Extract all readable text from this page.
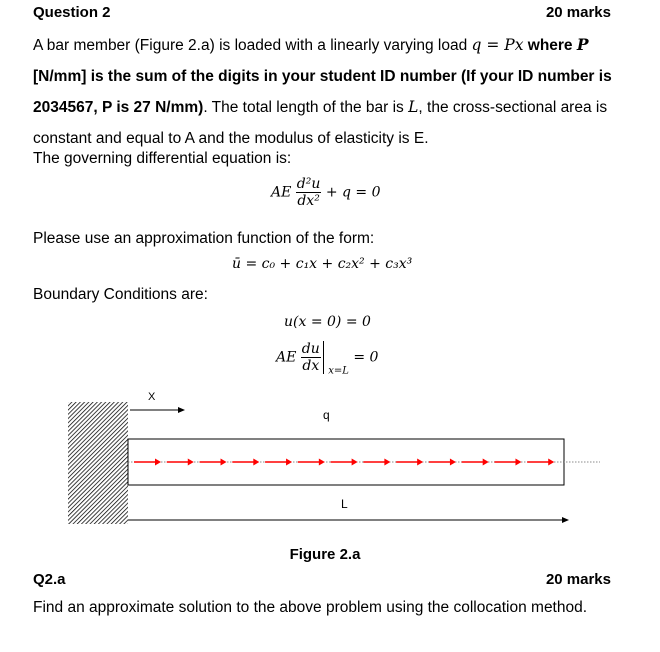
Question 2	20 marks
A bar member (Figure 2.a) is loaded with a linearly varying load q = Px where P
[N/mm] is the sum of the digits in your student ID number (If your ID number is 2034567, P is 27 N/mm). The total length of the bar is L, the cross-sectional area is constant and equal to A and the modulus of elasticity is E.
The governing differential equation is:
AE $\frac{\text{d²u}}{\text{dx²}} + q = 0$
Please use an approximation function of the form:
ū = c₀ + c₁x + c₂x² + c₃x³
Boundary Conditions are:
u(x = 0) = 0
AE $\frac{du}{dx} _{x=L} = 0$
X
q
L
Figure 2.a
Q2.a	20 marks
Find an approximate solution to the above problem using the collocation method.
